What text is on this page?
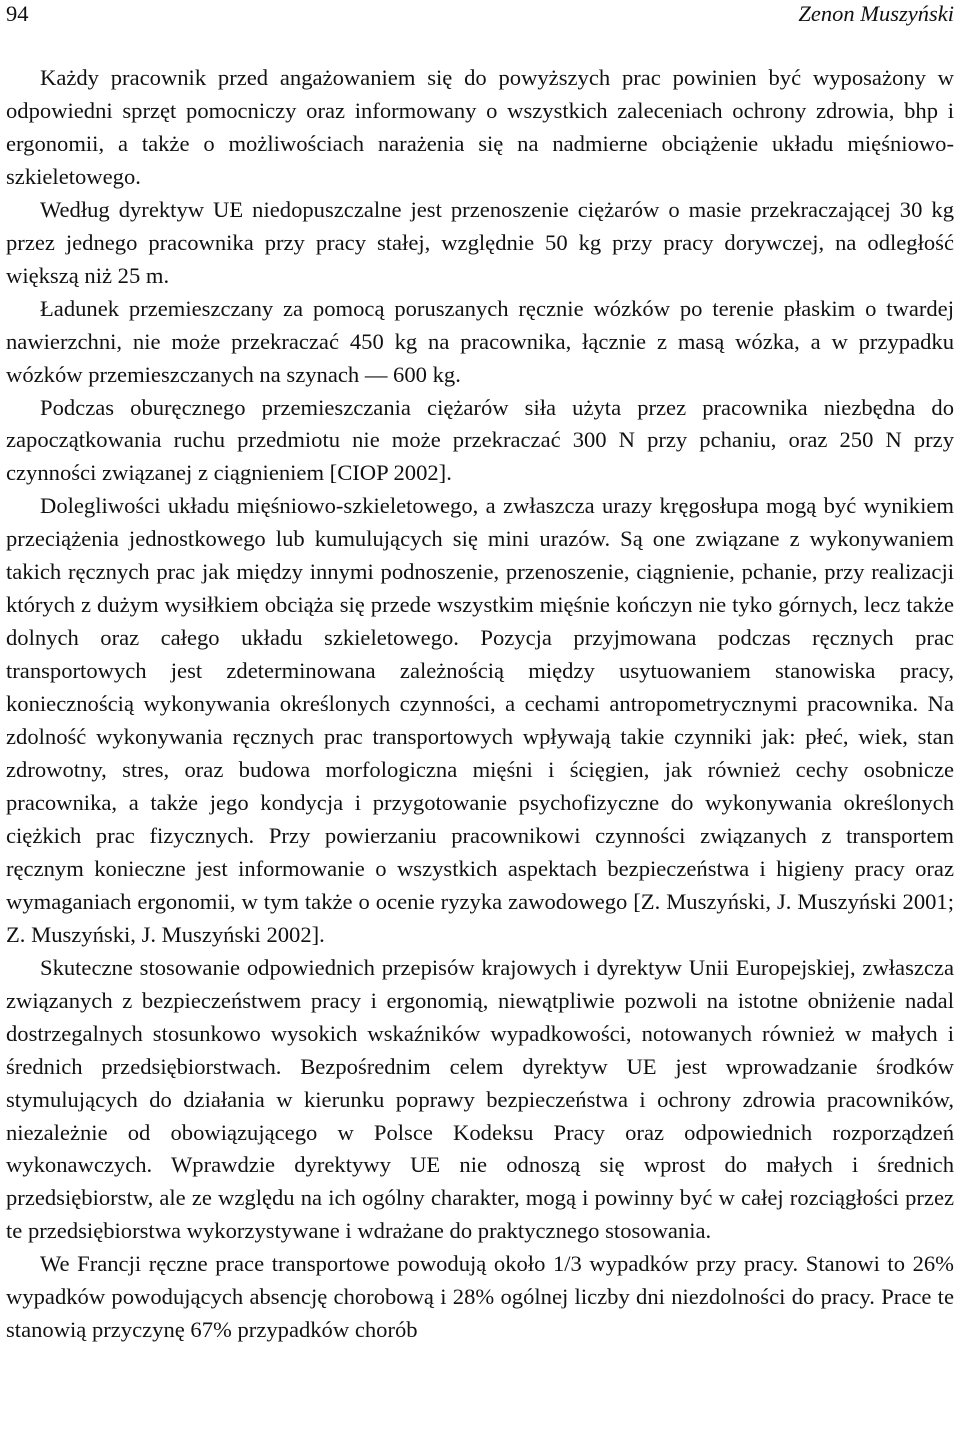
94	Zenon Muszyński

Każdy pracownik przed angażowaniem się do powyższych prac powinien być wyposażony w odpowiedni sprzęt pomocniczy oraz informowany o wszystkich zaleceniach ochrony zdrowia, bhp i ergonomii, a także o możliwościach narażenia się na nadmierne obciążenie układu mięśniowo-szkieletowego.

Według dyrektyw UE niedopuszczalne jest przenoszenie ciężarów o masie przekraczającej 30 kg przez jednego pracownika przy pracy stałej, względnie 50 kg przy pracy dorywczej, na odległość większą niż 25 m.

Ładunek przemieszczany za pomocą poruszanych ręcznie wózków po terenie płaskim o twardej nawierzchni, nie może przekraczać 450 kg na pracownika, łącznie z masą wózka, a w przypadku wózków przemieszczanych na szynach — 600 kg.

Podczas oburęcznego przemieszczania ciężarów siła użyta przez pracownika niezbędna do zapoczątkowania ruchu przedmiotu nie może przekraczać 300 N przy pchaniu, oraz 250 N przy czynności związanej z ciągnieniem [CIOP 2002].

Dolegliwości układu mięśniowo-szkieletowego, a zwłaszcza urazy kręgosłupa mogą być wynikiem przeciążenia jednostkowego lub kumulujących się mini urazów. Są one związane z wykonywaniem takich ręcznych prac jak między innymi podnoszenie, przenoszenie, ciągnienie, pchanie, przy realizacji których z dużym wysiłkiem obciąża się przede wszystkim mięśnie kończyn nie tyko górnych, lecz także dolnych oraz całego układu szkieletowego. Pozycja przyjmowana podczas ręcznych prac transportowych jest zdeterminowana zależnością między usytuowaniem stanowiska pracy, koniecznością wykonywania określonych czynności, a cechami antropometrycznymi pracownika. Na zdolność wykonywania ręcznych prac transportowych wpływają takie czynniki jak: płeć, wiek, stan zdrowotny, stres, oraz budowa morfologiczna mięśni i ścięgien, jak również cechy osobnicze pracownika, a także jego kondycja i przygotowanie psychofizyczne do wykonywania określonych ciężkich prac fizycznych. Przy powierzaniu pracownikowi czynności związanych z transportem ręcznym konieczne jest informowanie o wszystkich aspektach bezpieczeństwa i higieny pracy oraz wymaganiach ergonomii, w tym także o ocenie ryzyka zawodowego [Z. Muszyński, J. Muszyński 2001; Z. Muszyński, J. Muszyński 2002].

Skuteczne stosowanie odpowiednich przepisów krajowych i dyrektyw Unii Europejskiej, zwłaszcza związanych z bezpieczeństwem pracy i ergonomią, niewątpliwie pozwoli na istotne obniżenie nadal dostrzegalnych stosunkowo wysokich wskaźników wypadkowości, notowanych również w małych i średnich przedsiębiorstwach. Bezpośrednim celem dyrektyw UE jest wprowadzanie środków stymulujących do działania w kierunku poprawy bezpieczeństwa i ochrony zdrowia pracowników, niezależnie od obowiązującego w Polsce Kodeksu Pracy oraz odpowiednich rozporządzeń wykonawczych. Wprawdzie dyrektywy UE nie odnoszą się wprost do małych i średnich przedsiębiorstw, ale ze względu na ich ogólny charakter, mogą i powinny być w całej rozciągłości przez te przedsiębiorstwa wykorzystywane i wdrażane do praktycznego stosowania.

We Francji ręczne prace transportowe powodują około 1/3 wypadków przy pracy. Stanowi to 26% wypadków powodujących absencję chorobową i 28% ogólnej liczby dni niezdolności do pracy. Prace te stanowią przyczynę 67% przypadków chorób
